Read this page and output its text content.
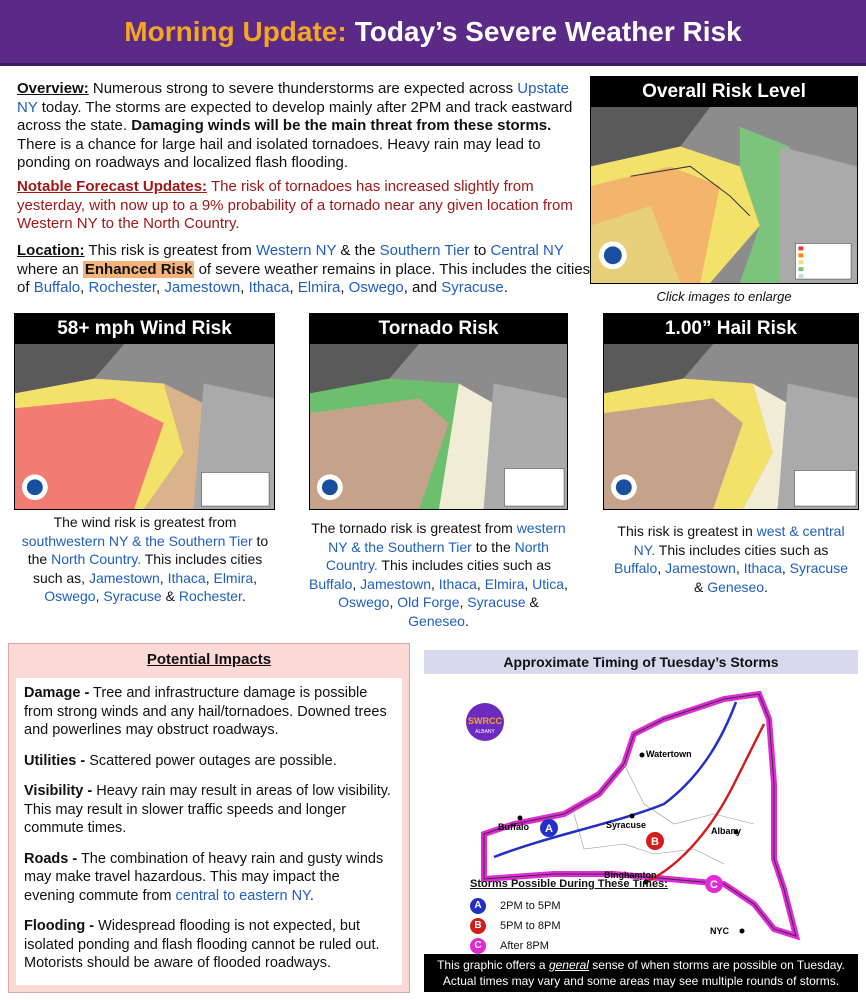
Morning Update: Today’s Severe Weather Risk
Overview: Numerous strong to severe thunderstorms are expected across Upstate NY today. The storms are expected to develop mainly after 2PM and track eastward across the state. Damaging winds will be the main threat from these storms. There is a chance for large hail and isolated tornadoes. Heavy rain may lead to ponding on roadways and localized flash flooding.
Notable Forecast Updates: The risk of tornadoes has increased slightly from yesterday, with now up to a 9% probability of a tornado near any given location from Western NY to the North Country.
Location: This risk is greatest from Western NY & the Southern Tier to Central NY where an Enhanced Risk of severe weather remains in place. This includes the cities of Buffalo, Rochester, Jamestown, Ithaca, Elmira, Oswego, and Syracuse.
Overall Risk Level
Click images to enlarge
58+ mph Wind Risk	Tornado Risk	1.00” Hail Risk
The wind risk is greatest from southwestern NY & the Southern Tier to the North Country. This includes cities such as, Jamestown, Ithaca, Elmira, Oswego, Syracuse & Rochester.
The tornado risk is greatest from western NY & the Southern Tier to the North Country. This includes cities such as Buffalo, Jamestown, Ithaca, Elmira, Utica, Oswego, Old Forge, Syracuse & Geneseo.
This risk is greatest in west & central NY. This includes cities such as Buffalo, Jamestown, Ithaca, Syracuse & Geneseo.
Potential Impacts

Damage - Tree and infrastructure damage is possible from strong winds and any hail/tornadoes. Downed trees and powerlines may obstruct roadways.

Utilities - Scattered power outages are possible.

Visibility - Heavy rain may result in areas of low visibility. This may result in slower traffic speeds and longer commute times.

Roads - The combination of heavy rain and gusty winds may make travel hazardous. This may impact the evening commute from central to eastern NY.

Flooding - Widespread flooding is not expected, but isolated ponding and flash flooding cannot be ruled out. Motorists should be aware of flooded roadways.

Approximate Timing of Tuesday’s Storms
SWRCC
ALBANY
Watertown
Buffalo	Syracuse
Albany
Binghamton
NYC
A
B
C
Storms Possible During These Times:
A	2PM to 5PM
B	5PM to 8PM
C	After 8PM
This graphic offers a general sense of when storms are possible on Tuesday.
Actual times may vary and some areas may see multiple rounds of storms.
